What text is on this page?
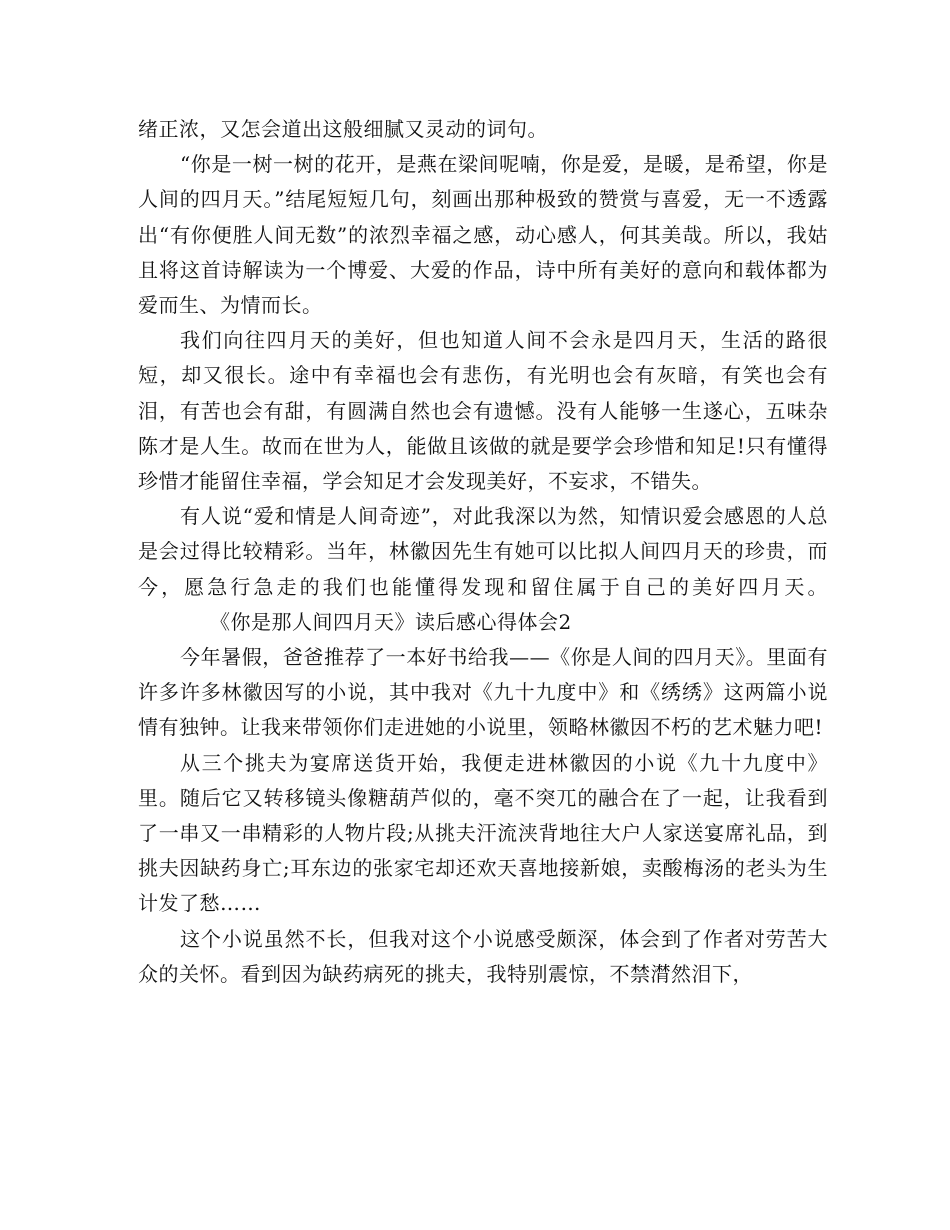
绪正浓，又怎会道出这般细腻又灵动的词句。

“你是一树一树的花开，是燕在梁间呢喃，你是爱，是暖，是希望，你是人间的四月天。”结尾短短几句，刻画出那种极致的赞赏与喜爱，无一不透露出“有你便胜人间无数”的浓烈幸福之感，动心感人，何其美哉。所以，我姑且将这首诗解读为一个博爱、大爱的作品，诗中所有美好的意向和载体都为爱而生、为情而长。

我们向往四月天的美好，但也知道人间不会永是四月天，生活的路很短，却又很长。途中有幸福也会有悲伤，有光明也会有灰暗，有笑也会有泪，有苦也会有甜，有圆满自然也会有遗憾。没有人能够一生遂心，五味杂陈才是人生。故而在世为人，能做且该做的就是要学会珍惜和知足!只有懂得珍惜才能留住幸福，学会知足才会发现美好，不妄求，不错失。

有人说“爱和情是人间奇迹”，对此我深以为然，知情识爱会感恩的人总是会过得比较精彩。当年，林徽因先生有她可以比拟人间四月天的珍贵，而今，愿急行急走的我们也能懂得发现和留住属于自己的美好四月天。《你是那人间四月天》读后感心得体会2

今年暑假，爸爸推荐了一本好书给我——《你是人间的四月天》。里面有许多许多林徽因写的小说，其中我对《九十九度中》和《绣绣》这两篇小说情有独钟。让我来带领你们走进她的小说里，领略林徽因不朽的艺术魅力吧!

从三个挑夫为宴席送货开始，我便走进林徽因的小说《九十九度中》里。随后它又转移镜头像糖葫芦似的，毫不突兀的融合在了一起，让我看到了一串又一串精彩的人物片段;从挑夫汗流浃背地往大户人家送宴席礼品，到挑夫因缺药身亡;耳东边的张家宅却还欢天喜地接新娘，卖酸梅汤的老头为生计发了愁……

这个小说虽然不长，但我对这个小说感受颇深，体会到了作者对劳苦大众的关怀。看到因为缺药病死的挑夫，我特别震惊，不禁潸然泪下，
